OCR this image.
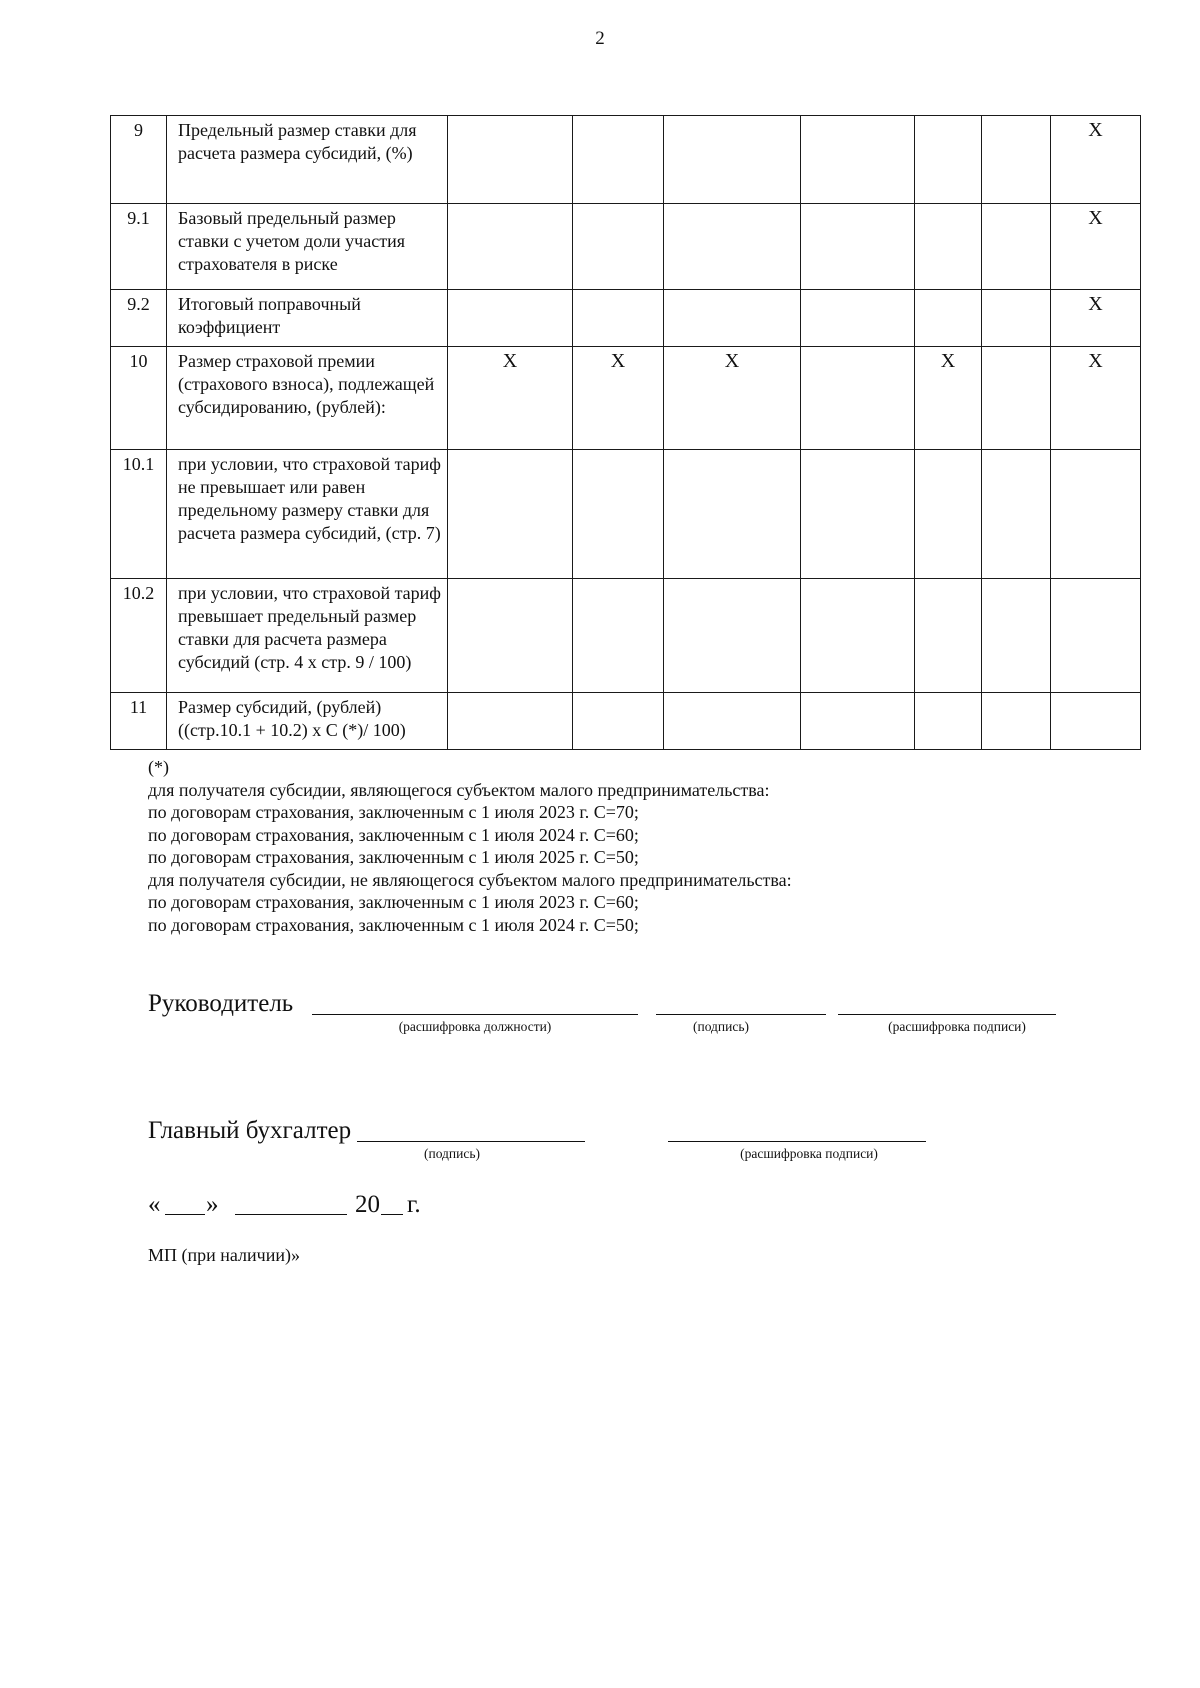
2
9	Предельный размер ставки для расчета размера субсидий, (%)							X
9.1	Базовый предельный размер ставки с учетом доли участия страхователя в риске							X
9.2	Итоговый поправочный коэффициент							X
10	Размер страховой премии (страхового взноса), подлежащей субсидированию, (рублей):	X	X	X		X		X
10.1	при условии, что страховой тариф не превышает или равен предельному размеру ставки для расчета размера субсидий, (стр. 7)							
10.2	при условии, что страховой тариф превышает предельный размер ставки для расчета размера субсидий (стр. 4 х стр. 9 / 100)							
11	Размер субсидий, (рублей) ((стр.10.1 + 10.2) х С (*)/ 100)							
(*)
для получателя субсидии, являющегося субъектом малого предпринимательства:
по договорам страхования, заключенным с 1 июля 2023 г. С=70;
по договорам страхования, заключенным с 1 июля 2024 г. С=60;
по договорам страхования, заключенным с 1 июля 2025 г. С=50;
для получателя субсидии, не являющегося субъектом малого предпринимательства:
по договорам страхования, заключенным с 1 июля 2023 г. С=60;
по договорам страхования, заключенным с 1 июля 2024 г. С=50;
Руководитель
(расшифровка должности)	(подпись)	(расшифровка подписи)
Главный бухгалтер
(подпись)	(расшифровка подписи)
« »	20 г.
МП (при наличии)»
